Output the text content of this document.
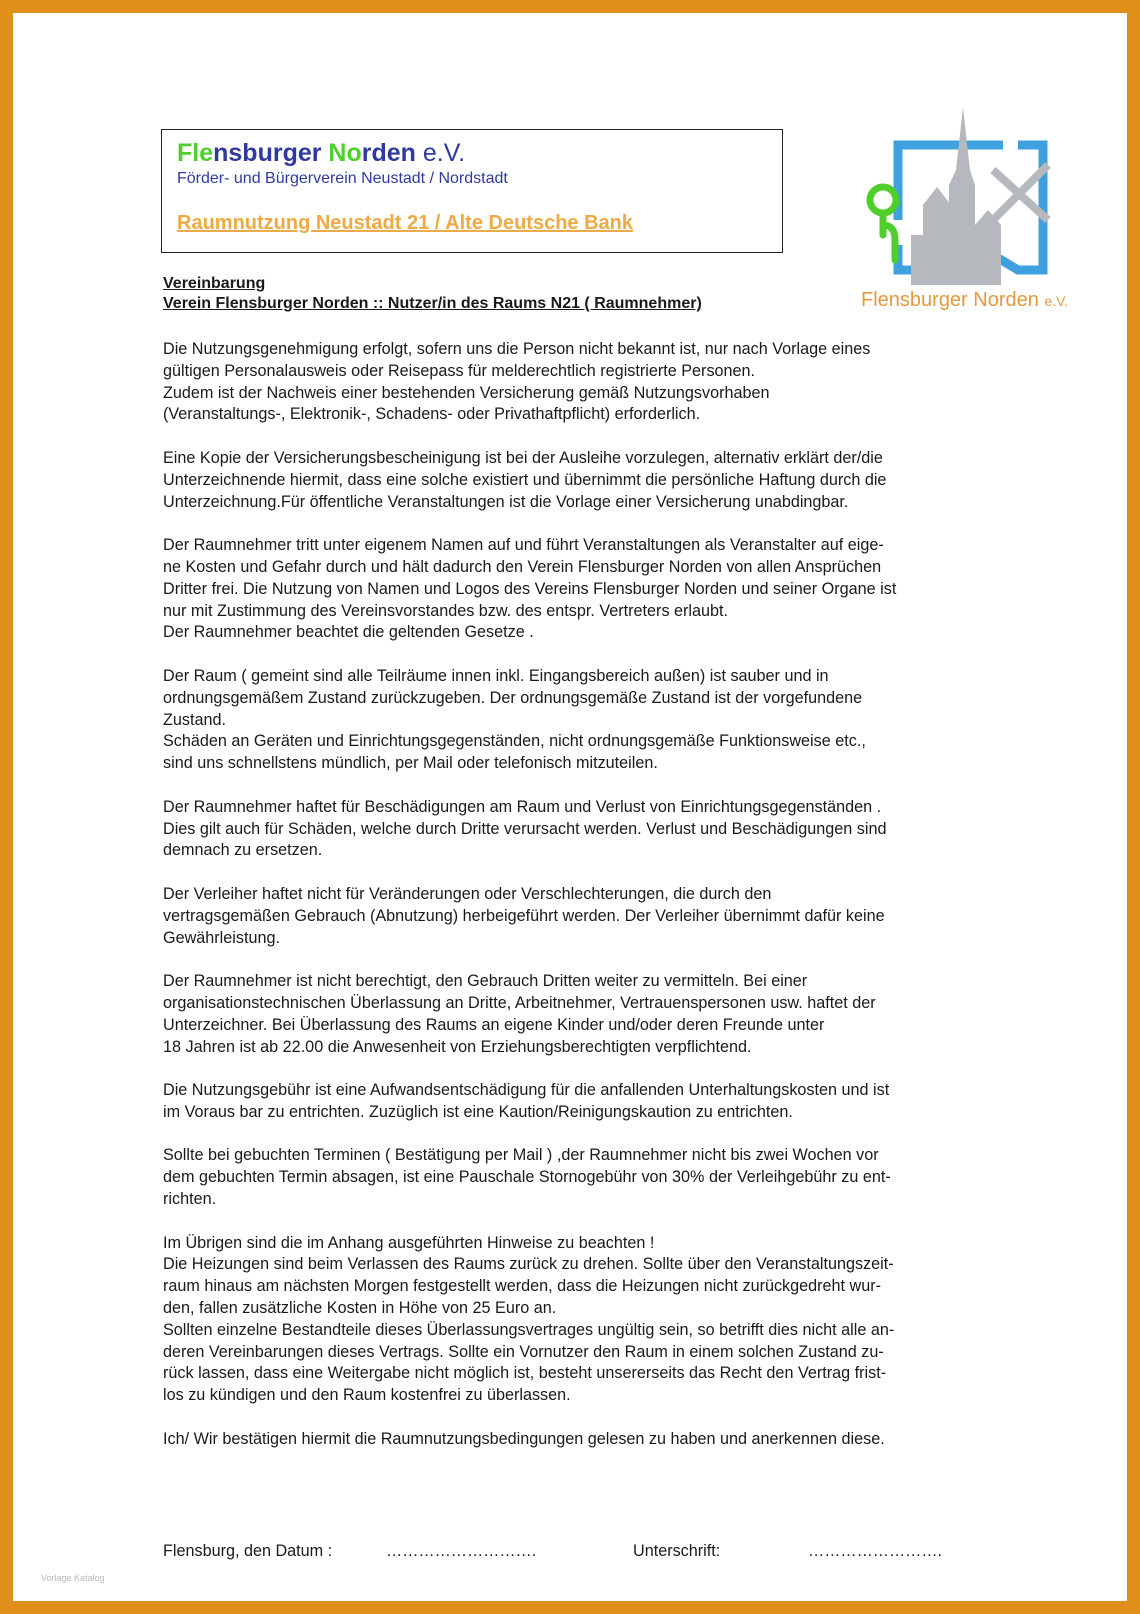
Flensburger Norden e.V.
Förder- und Bürgerverein Neustadt / Nordstadt
Raumnutzung Neustadt 21 / Alte Deutsche Bank
Flensburger Norden e.V.
Vereinbarung
Verein Flensburger Norden :: Nutzer/in des Raums N21 ( Raumnehmer)

Die Nutzungsgenehmigung erfolgt, sofern uns die Person nicht bekannt ist, nur nach Vorlage eines
gültigen Personalausweis oder Reisepass für melderechtlich registrierte Personen.
Zudem ist der Nachweis einer bestehenden Versicherung gemäß Nutzungsvorhaben
(Veranstaltungs-, Elektronik-, Schadens- oder Privathaftpflicht) erforderlich.

Eine Kopie der Versicherungsbescheinigung ist bei der Ausleihe vorzulegen, alternativ erklärt der/die
Unterzeichnende hiermit, dass eine solche existiert und übernimmt die persönliche Haftung durch die
Unterzeichnung.Für öffentliche Veranstaltungen ist die Vorlage einer Versicherung unabdingbar.

Der Raumnehmer tritt unter eigenem Namen auf und führt Veranstaltungen als Veranstalter auf eige-
ne Kosten und Gefahr durch und hält dadurch den Verein Flensburger Norden von allen Ansprüchen
Dritter frei. Die Nutzung von Namen und Logos des Vereins Flensburger Norden und seiner Organe ist
nur mit Zustimmung des Vereinsvorstandes bzw. des entspr. Vertreters erlaubt.
Der Raumnehmer beachtet die geltenden Gesetze .

Der Raum ( gemeint sind alle Teilräume innen inkl. Eingangsbereich außen) ist sauber und in
ordnungsgemäßem Zustand zurückzugeben. Der ordnungsgemäße Zustand ist der vorgefundene
Zustand.
Schäden an Geräten und Einrichtungsgegenständen, nicht ordnungsgemäße Funktionsweise etc.,
sind uns schnellstens mündlich, per Mail oder telefonisch mitzuteilen.

Der Raumnehmer haftet für Beschädigungen am Raum und Verlust von Einrichtungsgegenständen .
Dies gilt auch für Schäden, welche durch Dritte verursacht werden. Verlust und Beschädigungen sind
demnach zu ersetzen.

Der Verleiher haftet nicht für Veränderungen oder Verschlechterungen, die durch den
vertragsgemäßen Gebrauch (Abnutzung) herbeigeführt werden. Der Verleiher übernimmt dafür keine
Gewährleistung.

Der Raumnehmer ist nicht berechtigt, den Gebrauch Dritten weiter zu vermitteln. Bei einer
organisationstechnischen Überlassung an Dritte, Arbeitnehmer, Vertrauenspersonen usw. haftet der
Unterzeichner. Bei Überlassung des Raums an eigene Kinder und/oder deren Freunde unter
18 Jahren ist ab 22.00 die Anwesenheit von Erziehungsberechtigten verpflichtend.

Die Nutzungsgebühr ist eine Aufwandsentschädigung für die anfallenden Unterhaltungskosten und ist
im Voraus bar zu entrichten. Zuzüglich ist eine Kaution/Reinigungskaution zu entrichten.

Sollte bei gebuchten Terminen ( Bestätigung per Mail ) ,der Raumnehmer nicht bis zwei Wochen vor
dem gebuchten Termin absagen, ist eine Pauschale Stornogebühr von 30% der Verleihgebühr zu ent-
richten.

Im Übrigen sind die im Anhang ausgeführten Hinweise zu beachten !
Die Heizungen sind beim Verlassen des Raums zurück zu drehen. Sollte über den Veranstaltungszeit-
raum hinaus am nächsten Morgen festgestellt werden, dass die Heizungen nicht zurückgedreht wur-
den, fallen zusätzliche Kosten in Höhe von 25 Euro an.
Sollten einzelne Bestandteile dieses Überlassungsvertrages ungültig sein, so betrifft dies nicht alle an-
deren Vereinbarungen dieses Vertrags. Sollte ein Vornutzer den Raum in einem solchen Zustand zu-
rück lassen, dass eine Weitergabe nicht möglich ist, besteht unsererseits das Recht den Vertrag frist-
los zu kündigen und den Raum kostenfrei zu überlassen.

Ich/ Wir bestätigen hiermit die Raumnutzungsbedingungen gelesen zu haben und anerkennen diese.

Flensburg, den Datum :	……………………….	Unterschrift:	…………………….
Vorlage Katalog
